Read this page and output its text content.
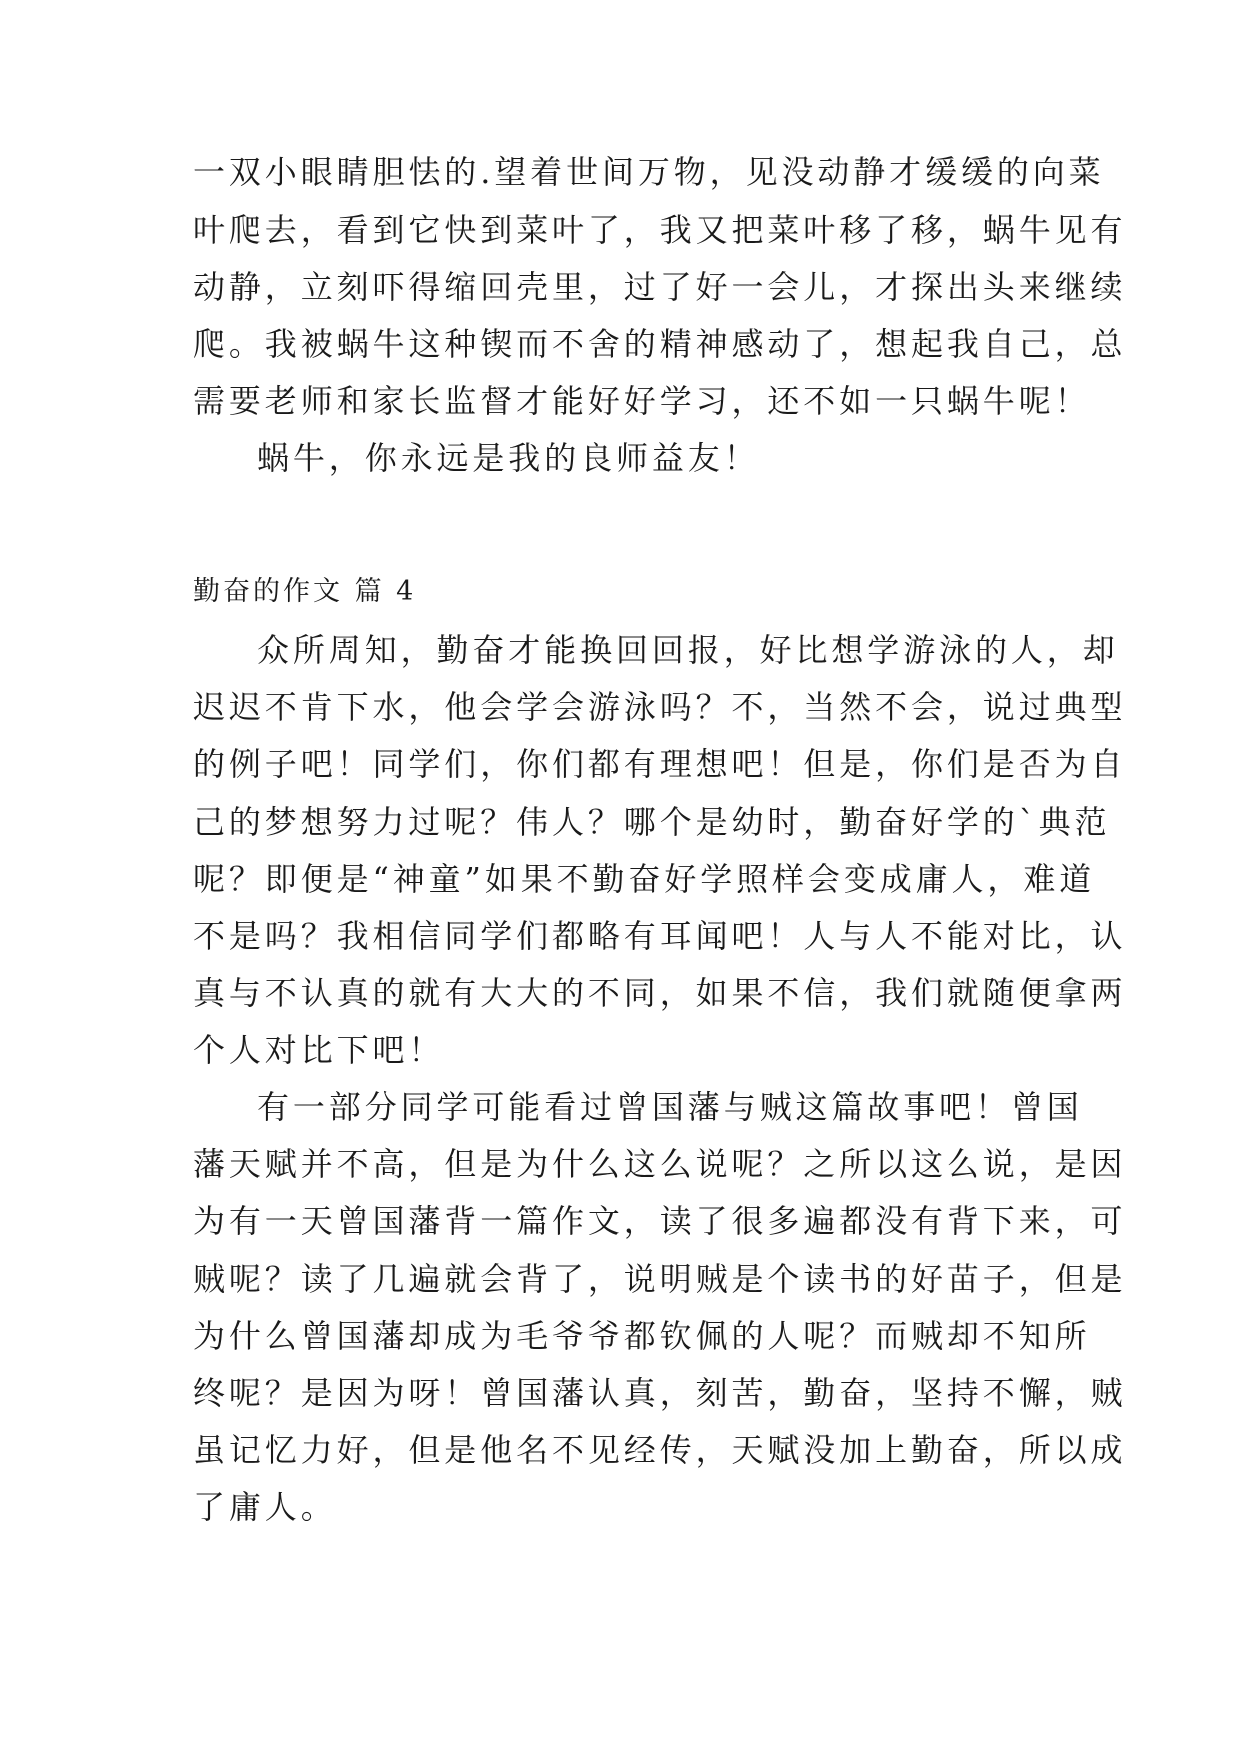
一双小眼睛胆怯的.望着世间万物，见没动静才缓缓的向菜
叶爬去，看到它快到菜叶了，我又把菜叶移了移，蜗牛见有
动静，立刻吓得缩回壳里，过了好一会儿，才探出头来继续
爬。我被蜗牛这种锲而不舍的精神感动了，想起我自己，总
需要老师和家长监督才能好好学习，还不如一只蜗牛呢！
蜗牛，你永远是我的良师益友！
勤奋的作文 篇 4
众所周知，勤奋才能换回回报，好比想学游泳的人，却
迟迟不肯下水，他会学会游泳吗？不，当然不会，说过典型
的例子吧！同学们，你们都有理想吧！但是，你们是否为自
己的梦想努力过呢？伟人？哪个是幼时，勤奋好学的`典范
呢？即便是“神童”如果不勤奋好学照样会变成庸人，难道
不是吗？我相信同学们都略有耳闻吧！人与人不能对比，认
真与不认真的就有大大的不同，如果不信，我们就随便拿两
个人对比下吧！
有一部分同学可能看过曾国藩与贼这篇故事吧！曾国
藩天赋并不高，但是为什么这么说呢？之所以这么说，是因
为有一天曾国藩背一篇作文，读了很多遍都没有背下来，可
贼呢？读了几遍就会背了，说明贼是个读书的好苗子，但是
为什么曾国藩却成为毛爷爷都钦佩的人呢？而贼却不知所
终呢？是因为呀！曾国藩认真，刻苦，勤奋，坚持不懈，贼
虽记忆力好，但是他名不见经传，天赋没加上勤奋，所以成
了庸人。
